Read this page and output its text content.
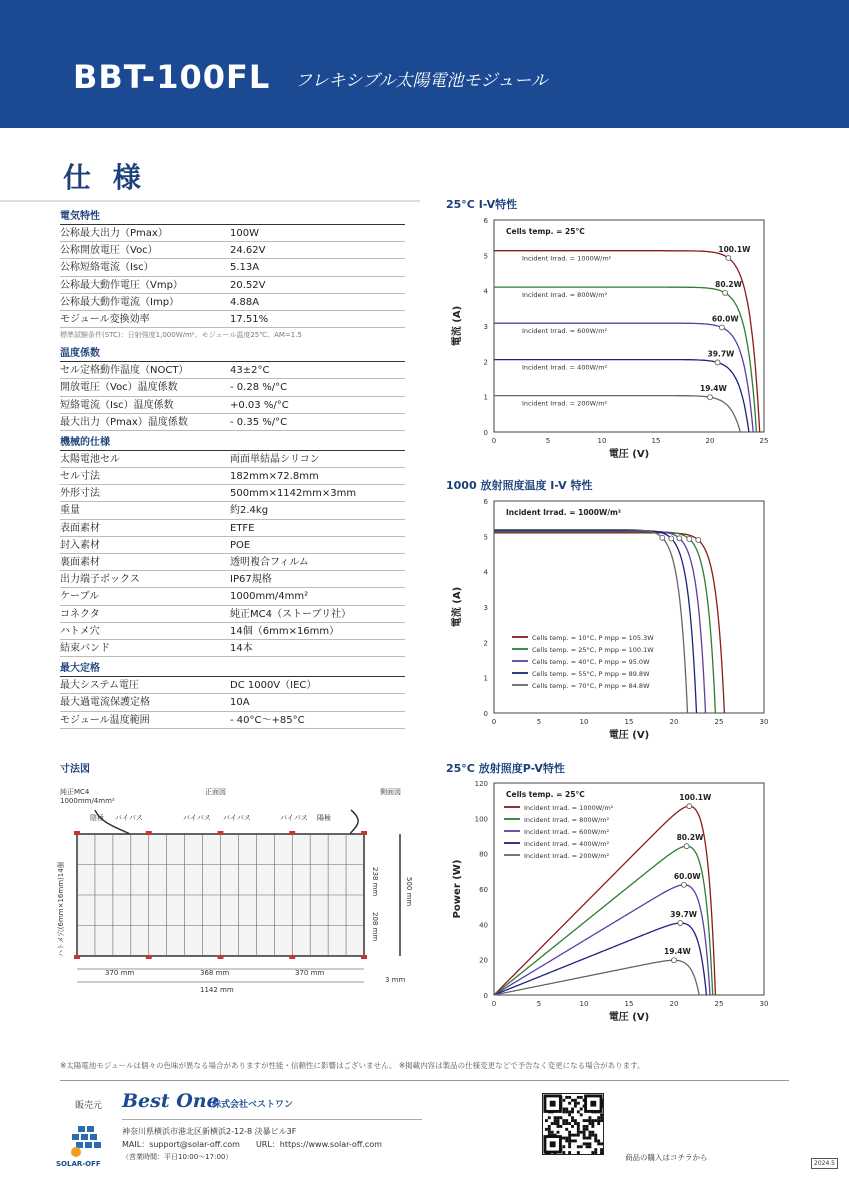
BBT-100FL フレキシブル太陽電池モジュール
仕 様
電気特性
公称最大出力（Pmax）	100W
公称開放電圧（Voc）	24.62V
公称短絡電流（Isc）	5.13A
公称最大動作電圧（Vmp）	20.52V
公称最大動作電流（Imp）	4.88A
モジュール変換効率	17.51%
標準試験条件(STC)：日射強度1,000W/m²、モジュール温度25℃、AM=1.5
温度係数
セル定格動作温度（NOCT）	43±2°C
開放電圧（Voc）温度係数	- 0.28 %/°C
短絡電流（Isc）温度係数	+0.03 %/°C
最大出力（Pmax）温度係数	- 0.35 %/°C
機械的仕様
太陽電池セル	両面単結晶シリコン
セル寸法	182mm×72.8mm
外形寸法	500mm×1142mm×3mm
重量	約2.4kg
表面素材	ETFE
封入素材	POE
裏面素材	透明複合フィルム
出力端子ボックス	IP67規格
ケーブル	1000mm/4mm²
コネクタ	純正MC4（ストーブリ社）
ハトメ穴	14個（6mm×16mm）
結束バンド	14本
最大定格
最大システム電圧	DC 1000V（IEC）
最大過電流保護定格	10A
モジュール温度範囲	- 40°C〜+85°C
寸法図
純正MC4
1000mm/4mm²
正面図	側面図
陰極 バイパス	バイパス バイパス	バイパス 陽極
ハトメ穴(6mm×16mm)14個
370 mm	368 mm	370 mm
1142 mm
238 mm
208 mm
500 mm
3 mm
25°C I-V特性
1000 放射照度温度 I-V 特性
25°C 放射照度P-V特性
0	5	10	15	20	25
0
1
2
3
4
5
6
電圧 (V)
電流 (A)
Cells temp. = 25°C
100.1W
Incident Irrad. = 1000W/m²
80.2W
Incident Irrad. = 800W/m²
60.0W
Incident Irrad. = 600W/m²
39.7W
Incident Irrad. = 400W/m²
19.4W
Incident Irrad. = 200W/m²
0	5	10	15	20	25	30
0
1
2
3
4
5
6
電圧 (V)
電流 (A)
Incident Irrad. = 1000W/m²
Cells temp. = 10°C, P mpp = 105.3W
Cells temp. = 25°C, P mpp = 100.1W
Cells temp. = 40°C, P mpp = 95.0W
Cells temp. = 55°C, P mpp = 89.8W
Cells temp. = 70°C, P mpp = 84.8W
0	5	10	15	20	25	30
0
20
40
60
80
100
120
電圧 (V)
Power (W)
Cells temp. = 25°C	100.1W
80.2W
60.0W
39.7W
19.4W
Incident Irrad. = 1000W/m²
Incident Irrad. = 800W/m²
Incident Irrad. = 600W/m²
Incident Irrad. = 400W/m²
Incident Irrad. = 200W/m²
※太陽電池モジュールは個々の色味が異なる場合がありますが性能・信頼性に影響はございません。 ※掲載内容は製品の仕様変更などで予告なく変更になる場合があります。
販売元 Best One
株式会社ベストワン
神奈川県横浜市港北区新横浜2-12-8 決暴ビル3F
MAIL：support@solar-off.com　　URL：https://www.solar-off.com
（営業時間：平日10:00〜17:00）
SOLAR-OFF
商品の購入はコチラから
2024.5
